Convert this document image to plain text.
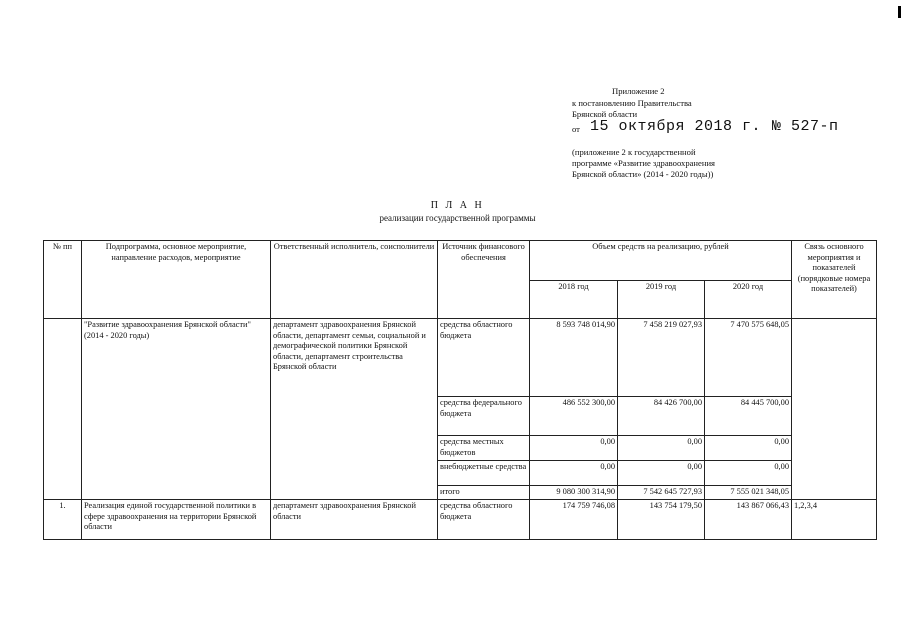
Приложение 2
к постановлению Правительства
Брянской области
от 15 октября 2018 г. № 527-п
(приложение 2 к государственной
программе «Развитие здравоохранения
Брянской области» (2014 - 2020 годы))
П Л А Н
реализации государственной программы
№ пп	Подпрограмма, основное мероприятие, направление расходов, мероприятие	Ответственный исполнитель, соисполнители	Источник финансового обеспечения	Объем средств на реализацию, рублей			Связь основного мероприятия и показателей (порядковые номера показателей)
				2018 год	2019 год	2020 год	
	"Развитие здравоохранения Брянской области" (2014 - 2020 годы)	департамент здравоохранения Брянской области, департамент семьи, социальной и демографической политики Брянской области, департамент строительства Брянской области	средства областного бюджета	8 593 748 014,90	7 458 219 027,93	7 470 575 648,05	
			средства федерального бюджета	486 552 300,00	84 426 700,00	84 445 700,00	
			средства местных бюджетов	0,00	0,00	0,00	
			внебюджетные средства	0,00	0,00	0,00	
			итого	9 080 300 314,90	7 542 645 727,93	7 555 021 348,05	
1.	Реализация единой государственной политики в сфере здравоохранения на территории Брянской области	департамент здравоохранения Брянской области	средства областного бюджета	174 759 746,08	143 754 179,50	143 867 066,43	1,2,3,4
